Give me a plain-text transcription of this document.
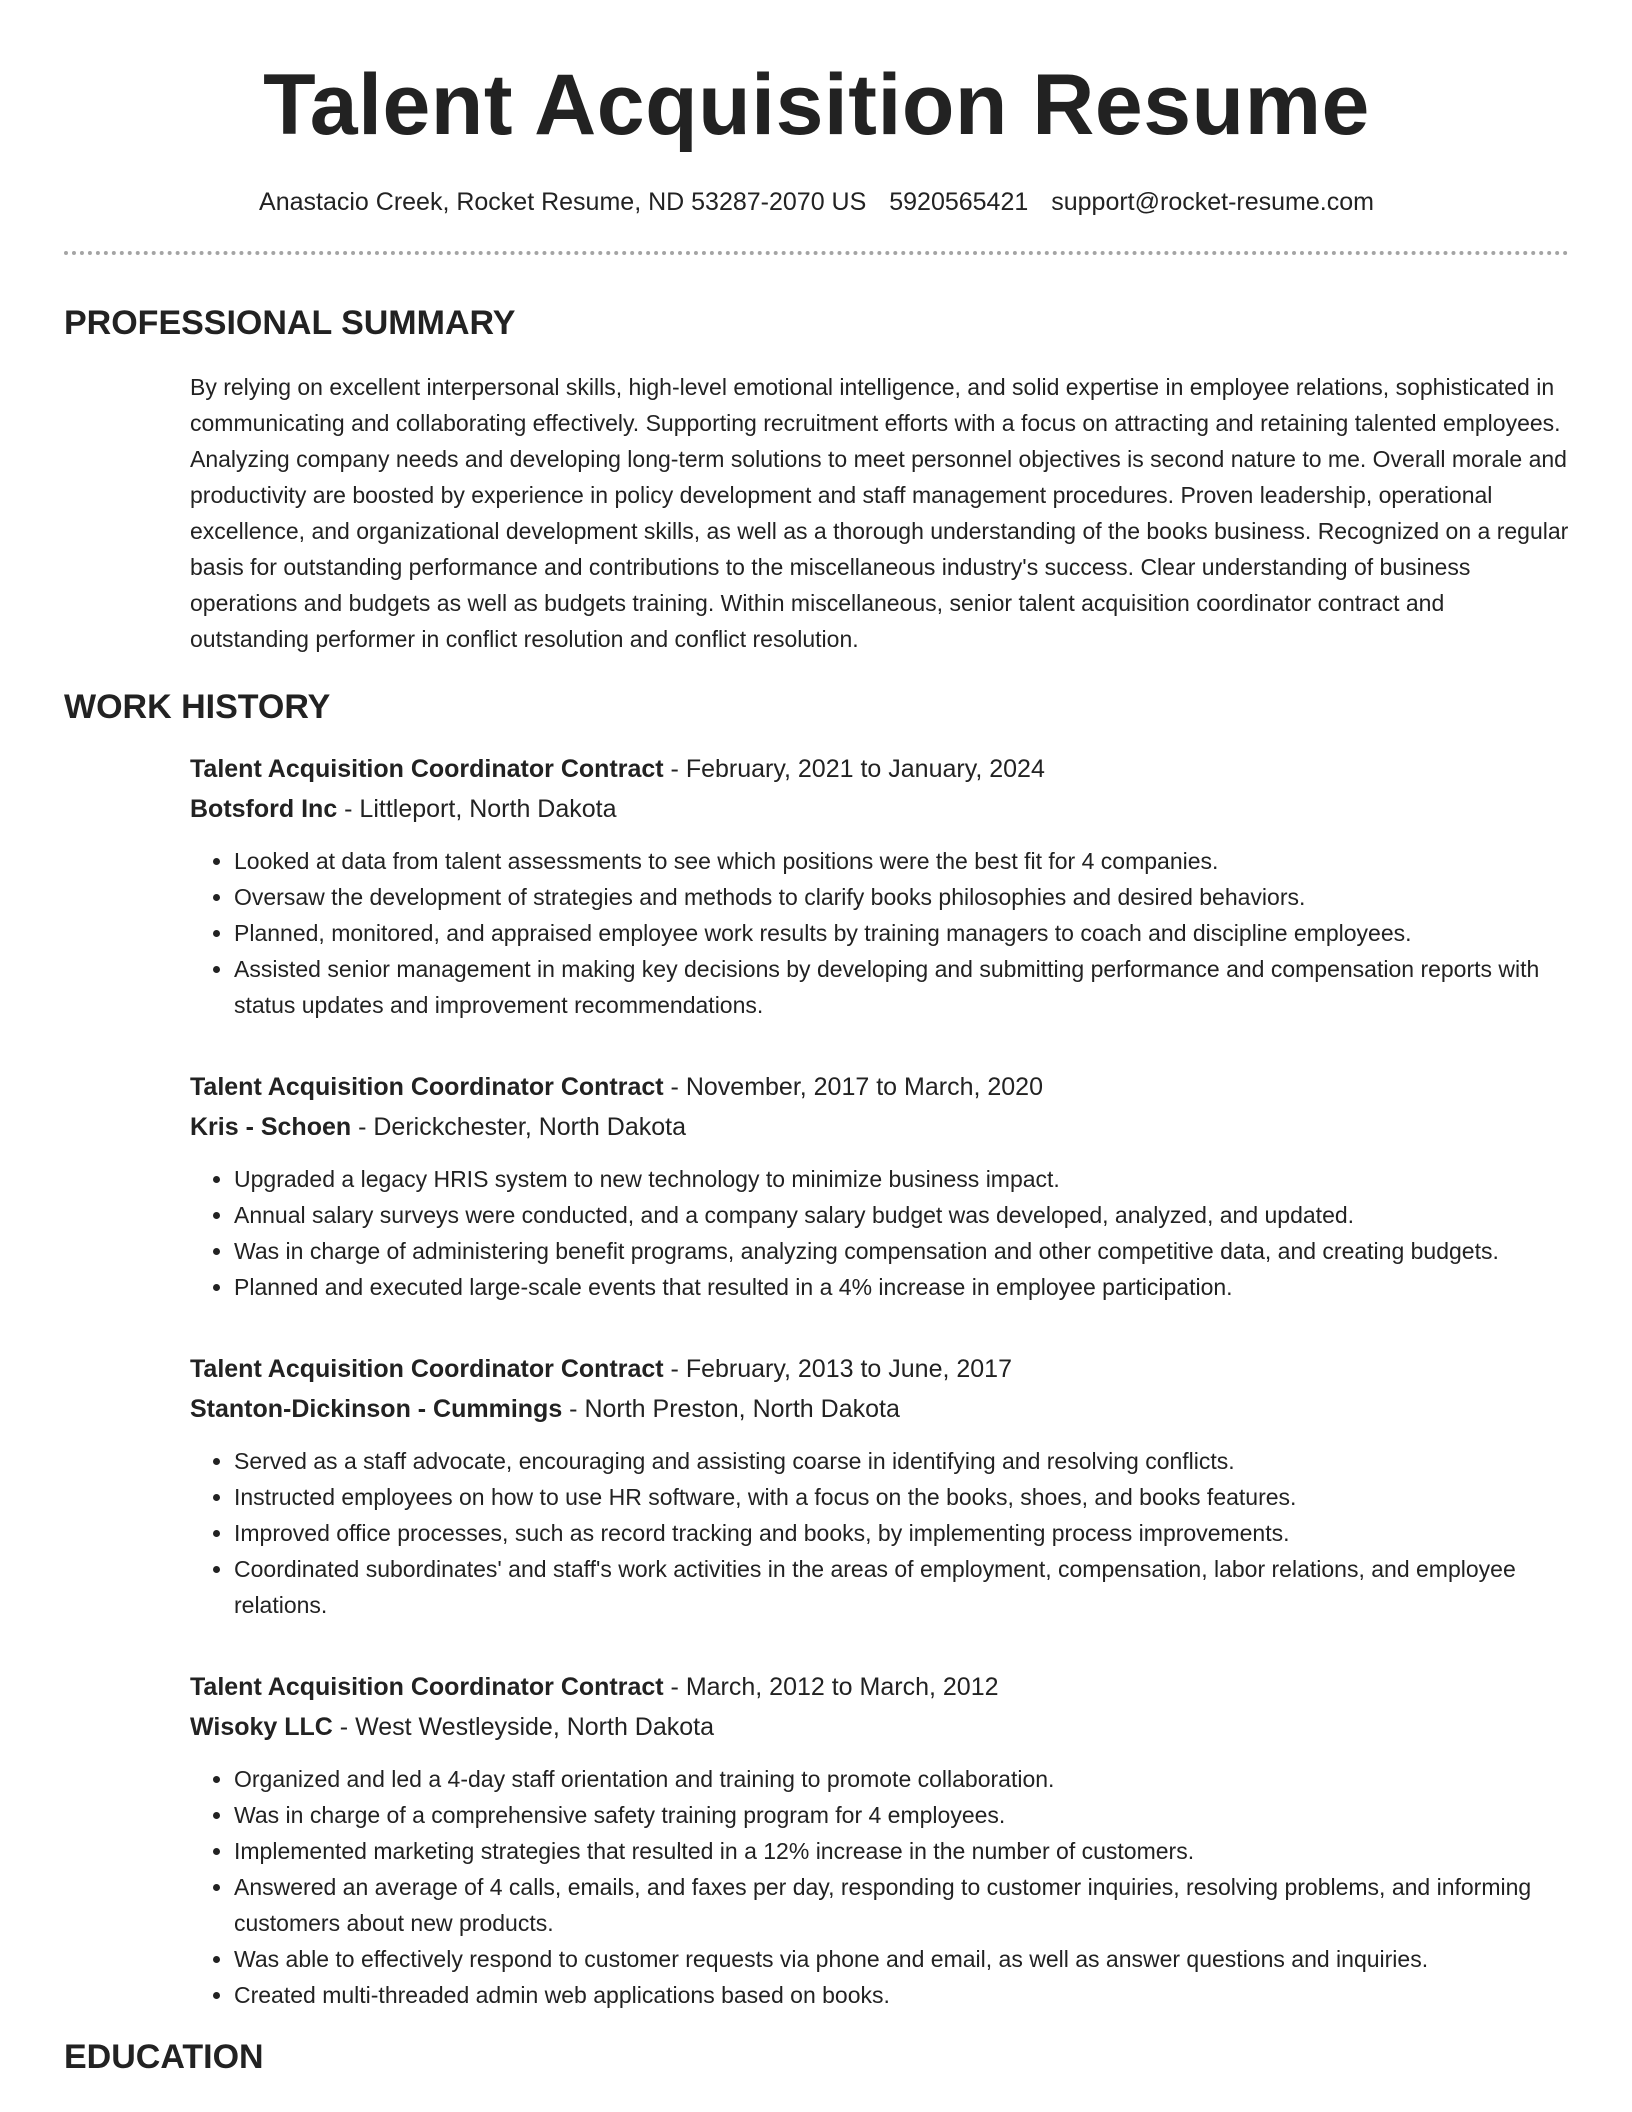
Talent Acquisition Resume
Anastacio Creek, Rocket Resume, ND 53287-2070 US 5920565421 support@rocket-resume.com
PROFESSIONAL SUMMARY
By relying on excellent interpersonal skills, high-level emotional intelligence, and solid expertise in employee relations, sophisticated in communicating and collaborating effectively. Supporting recruitment efforts with a focus on attracting and retaining talented employees. Analyzing company needs and developing long-term solutions to meet personnel objectives is second nature to me. Overall morale and productivity are boosted by experience in policy development and staff management procedures. Proven leadership, operational excellence, and organizational development skills, as well as a thorough understanding of the books business. Recognized on a regular basis for outstanding performance and contributions to the miscellaneous industry's success. Clear understanding of business operations and budgets as well as budgets training. Within miscellaneous, senior talent acquisition coordinator contract and outstanding performer in conflict resolution and conflict resolution.
WORK HISTORY
Talent Acquisition Coordinator Contract - February, 2021 to January, 2024
Botsford Inc - Littleport, North Dakota
• Looked at data from talent assessments to see which positions were the best fit for 4 companies.
• Oversaw the development of strategies and methods to clarify books philosophies and desired behaviors.
• Planned, monitored, and appraised employee work results by training managers to coach and discipline employees.
• Assisted senior management in making key decisions by developing and submitting performance and compensation reports with status updates and improvement recommendations.
Talent Acquisition Coordinator Contract - November, 2017 to March, 2020
Kris - Schoen - Derickchester, North Dakota
• Upgraded a legacy HRIS system to new technology to minimize business impact.
• Annual salary surveys were conducted, and a company salary budget was developed, analyzed, and updated.
• Was in charge of administering benefit programs, analyzing compensation and other competitive data, and creating budgets.
• Planned and executed large-scale events that resulted in a 4% increase in employee participation.
Talent Acquisition Coordinator Contract - February, 2013 to June, 2017
Stanton-Dickinson - Cummings - North Preston, North Dakota
• Served as a staff advocate, encouraging and assisting coarse in identifying and resolving conflicts.
• Instructed employees on how to use HR software, with a focus on the books, shoes, and books features.
• Improved office processes, such as record tracking and books, by implementing process improvements.
• Coordinated subordinates' and staff's work activities in the areas of employment, compensation, labor relations, and employee relations.
Talent Acquisition Coordinator Contract - March, 2012 to March, 2012
Wisoky LLC - West Westleyside, North Dakota
• Organized and led a 4-day staff orientation and training to promote collaboration.
• Was in charge of a comprehensive safety training program for 4 employees.
• Implemented marketing strategies that resulted in a 12% increase in the number of customers.
• Answered an average of 4 calls, emails, and faxes per day, responding to customer inquiries, resolving problems, and informing customers about new products.
• Was able to effectively respond to customer requests via phone and email, as well as answer questions and inquiries.
• Created multi-threaded admin web applications based on books.
EDUCATION
